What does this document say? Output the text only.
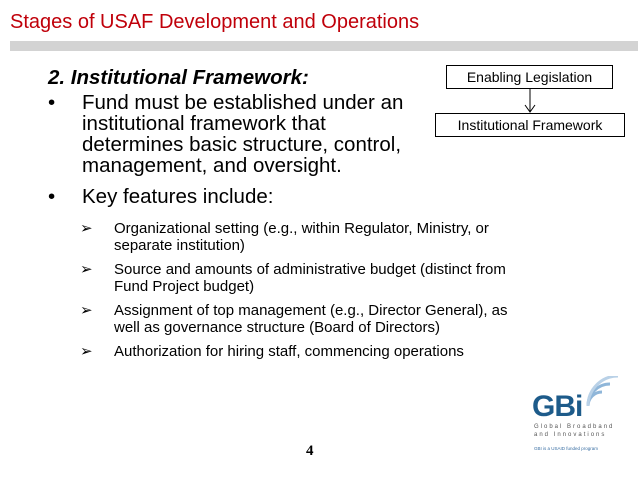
Stages of USAF Development and Operations
2. Institutional Framework:
• Fund must be established under an
institutional framework that
determines basic structure, control,
management, and oversight.
• Key features include:
➢ Organizational setting (e.g., within Regulator, Ministry, or
separate institution)
➢ Source and amounts of administrative budget (distinct from
Fund Project budget)
➢ Assignment of top management (e.g., Director General), as
well as governance structure (Board of Directors)
➢ Authorization for hiring staff, commencing operations
Enabling Legislation
Institutional Framework
4
GBi
Global Broadband
and Innovations
GBI is a USAID funded program
